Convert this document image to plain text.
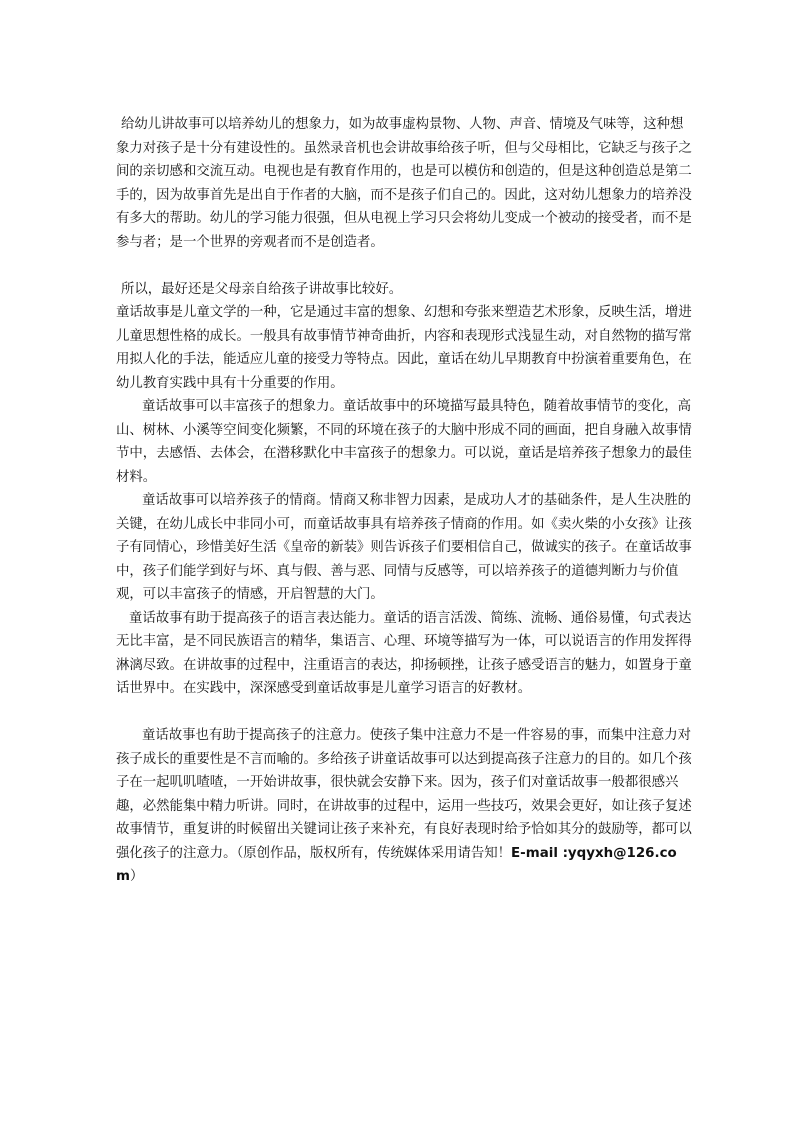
给幼儿讲故事可以培养幼儿的想象力，如为故事虚构景物、人物、声音、情境及气味等，这种想象力对孩子是十分有建设性的。虽然录音机也会讲故事给孩子听，但与父母相比，它缺乏与孩子之间的亲切感和交流互动。电视也是有教育作用的，也是可以模仿和创造的，但是这种创造总是第二手的，因为故事首先是出自于作者的大脑，而不是孩子们自己的。因此，这对幼儿想象力的培养没有多大的帮助。幼儿的学习能力很强，但从电视上学习只会将幼儿变成一个被动的接受者，而不是参与者；是一个世界的旁观者而不是创造者。

所以，最好还是父母亲自给孩子讲故事比较好。

童话故事是儿童文学的一种，它是通过丰富的想象、幻想和夸张来塑造艺术形象，反映生活，增进儿童思想性格的成长。一般具有故事情节神奇曲折，内容和表现形式浅显生动，对自然物的描写常用拟人化的手法，能适应儿童的接受力等特点。因此，童话在幼儿早期教育中扮演着重要角色，在幼儿教育实践中具有十分重要的作用。

童话故事可以丰富孩子的想象力。童话故事中的环境描写最具特色，随着故事情节的变化，高山、树林、小溪等空间变化频繁，不同的环境在孩子的大脑中形成不同的画面，把自身融入故事情节中，去感悟、去体会，在潜移默化中丰富孩子的想象力。可以说，童话是培养孩子想象力的最佳材料。

童话故事可以培养孩子的情商。情商又称非智力因素，是成功人才的基础条件，是人生决胜的关键，在幼儿成长中非同小可，而童话故事具有培养孩子情商的作用。如《卖火柴的小女孩》让孩子有同情心，珍惜美好生活《皇帝的新装》则告诉孩子们要相信自己，做诚实的孩子。在童话故事中，孩子们能学到好与坏、真与假、善与恶、同情与反感等，可以培养孩子的道德判断力与价值观，可以丰富孩子的情感，开启智慧的大门。

童话故事有助于提高孩子的语言表达能力。童话的语言活泼、简练、流畅、通俗易懂，句式表达无比丰富，是不同民族语言的精华，集语言、心理、环境等描写为一体，可以说语言的作用发挥得淋漓尽致。在讲故事的过程中，注重语言的表达，抑扬顿挫，让孩子感受语言的魅力，如置身于童话世界中。在实践中，深深感受到童话故事是儿童学习语言的好教材。

童话故事也有助于提高孩子的注意力。使孩子集中注意力不是一件容易的事，而集中注意力对孩子成长的重要性是不言而喻的。多给孩子讲童话故事可以达到提高孩子注意力的目的。如几个孩子在一起叽叽喳喳，一开始讲故事，很快就会安静下来。因为，孩子们对童话故事一般都很感兴趣，必然能集中精力听讲。同时，在讲故事的过程中，运用一些技巧，效果会更好，如让孩子复述故事情节，重复讲的时候留出关键词让孩子来补充，有良好表现时给予恰如其分的鼓励等，都可以强化孩子的注意力。（原创作品，版权所有，传统媒体采用请告知！E-mail :yqyxh@126.com）
